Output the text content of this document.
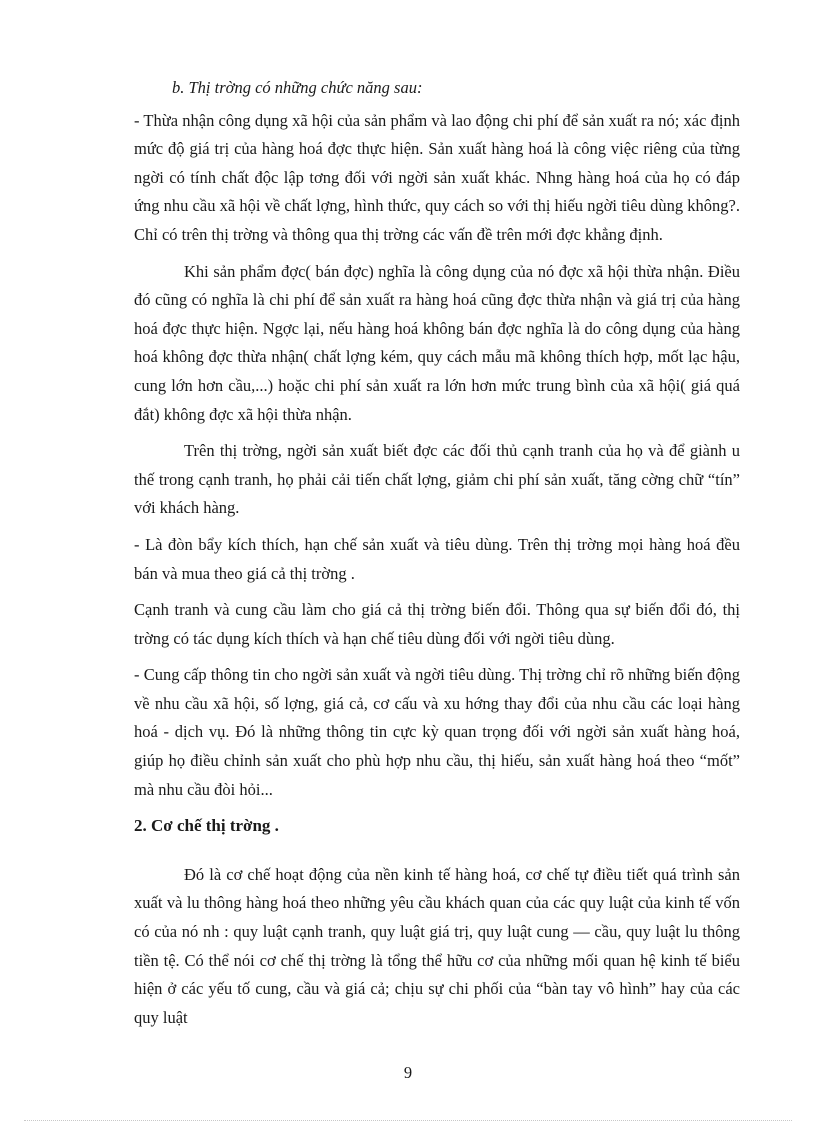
b. Thị trờng có những chức năng sau:

- Thừa nhận công dụng xã hội của sản phẩm và lao động chi phí để sản xuất ra nó; xác định mức độ giá trị của hàng hoá đợc thực hiện. Sản xuất hàng hoá là công việc riêng của từng ngời có tính chất độc lập tơng đối với ngời sản xuất khác. Nhng hàng hoá của họ có đáp ứng nhu cầu xã hội về chất lợng, hình thức, quy cách so với thị hiếu ngời tiêu dùng không?. Chỉ có trên thị trờng và thông qua thị trờng các vấn đề trên mới đợc khẳng định.

Khi sản phẩm đợc( bán đợc) nghĩa là công dụng của nó đợc xã hội thừa nhận. Điều đó cũng có nghĩa là chi phí để sản xuất ra hàng hoá cũng đợc thừa nhận và giá trị của hàng hoá đợc thực hiện. Ngợc lại, nếu hàng hoá không bán đợc nghĩa là do công dụng của hàng hoá không đợc thừa nhận( chất lợng kém, quy cách mẫu mã không thích hợp, mốt lạc hậu, cung lớn hơn cầu,...) hoặc chi phí sản xuất ra lớn hơn mức trung bình của xã hội( giá quá đắt) không đợc xã hội thừa nhận.

Trên thị trờng, ngời sản xuất biết đợc các đối thủ cạnh tranh của họ và để giành u thế trong cạnh tranh, họ phải cải tiến chất lợng, giảm chi phí sản xuất, tăng cờng chữ “tín” với khách hàng.

- Là đòn bẩy kích thích, hạn chế sản xuất và tiêu dùng. Trên thị trờng mọi hàng hoá đều bán và mua theo giá cả thị trờng .

Cạnh tranh và cung cầu làm cho giá cả thị trờng biến đổi. Thông qua sự biến đổi đó, thị trờng có tác dụng kích thích và hạn chế tiêu dùng đối với ngời tiêu dùng.

- Cung cấp thông tin cho ngời sản xuất và ngời tiêu dùng. Thị trờng chỉ rõ những biến động về nhu cầu xã hội, số lợng, giá cả, cơ cấu và xu hớng thay đổi của nhu cầu các loại hàng hoá - dịch vụ. Đó là những thông tin cực kỳ quan trọng đối với ngời sản xuất hàng hoá, giúp họ điều chỉnh sản xuất cho phù hợp nhu cầu, thị hiếu, sản xuất hàng hoá theo “mốt” mà nhu cầu đòi hỏi...

2. Cơ chế thị trờng .

Đó là cơ chế hoạt động của nền kinh tế hàng hoá, cơ chế tự điều tiết quá trình sản xuất và lu thông hàng hoá theo những yêu cầu khách quan của các quy luật của kinh tế vốn có của nó nh : quy luật cạnh tranh, quy luật giá trị, quy luật cung — cầu, quy luật lu thông tiền tệ. Có thể nói cơ chế thị trờng là tổng thể hữu cơ của những mối quan hệ kinh tế biểu hiện ở các yếu tố cung, cầu và giá cả; chịu sự chi phối của “bàn tay vô hình” hay của các quy luật

9
